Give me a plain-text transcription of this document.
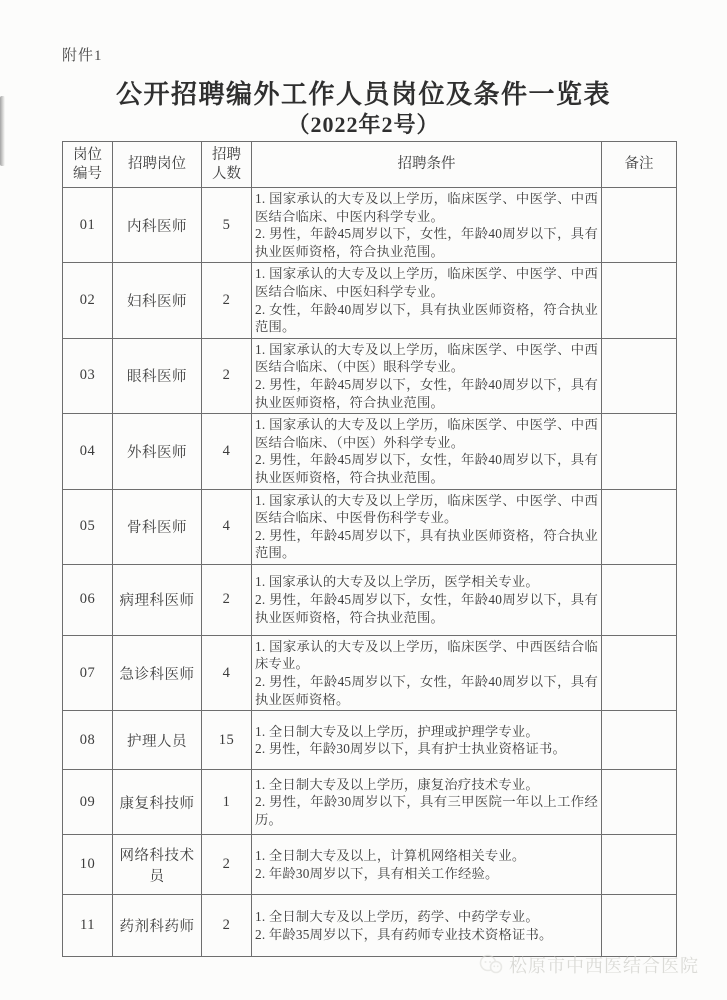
附件1
公开招聘编外工作人员岗位及条件一览表
（2022年2号）
岗位编号	招聘岗位	招聘人数	招聘条件	备注
01	内科医师	5	1. 国家承认的大专及以上学历，临床医学、中医学、中西医结合临床、中医内科学专业。
2. 男性，年龄45周岁以下，女性，年龄40周岁以下，具有执业医师资格，符合执业范围。	

02	妇科医师	2	1. 国家承认的大专及以上学历，临床医学、中医学、中西医结合临床、中医妇科学专业。
2. 女性，年龄40周岁以下，具有执业医师资格，符合执业范围。	

03	眼科医师	2	1. 国家承认的大专及以上学历，临床医学、中医学、中西医结合临床、（中医）眼科学专业。
2. 男性，年龄45周岁以下，女性，年龄40周岁以下，具有执业医师资格，符合执业范围。	

04	外科医师	4	1. 国家承认的大专及以上学历，临床医学、中医学、中西医结合临床、（中医）外科学专业。
2. 男性，年龄45周岁以下，女性，年龄40周岁以下，具有执业医师资格，符合执业范围。	

05	骨科医师	4	1. 国家承认的大专及以上学历，临床医学、中医学、中西医结合临床、中医骨伤科学专业。
2. 男性，年龄45周岁以下，具有执业医师资格，符合执业范围。	

06	病理科医师	2	1. 国家承认的大专及以上学历，医学相关专业。
2. 男性，年龄45周岁以下，女性，年龄40周岁以下，具有执业医师资格，符合执业范围。	

07	急诊科医师	4	1. 国家承认的大专及以上学历，临床医学、中西医结合临床专业。
2. 男性，年龄45周岁以下，女性，年龄40周岁以下，具有执业医师资格。	

08	护理人员	15	1. 全日制大专及以上学历，护理或护理学专业。
2. 男性，年龄30周岁以下，具有护士执业资格证书。	

09	康复科技师	1	1. 全日制大专及以上学历，康复治疗技术专业。
2. 男性，年龄30周岁以下，具有三甲医院一年以上工作经历。	

10	网络科技术员	2	1. 全日制大专及以上，计算机网络相关专业。
2. 年龄30周岁以下，具有相关工作经验。	

11	药剂科药师	2	1. 全日制大专及以上学历，药学、中药学专业。
2. 年龄35周岁以下，具有药师专业技术资格证书。	

松原市中西医结合医院
